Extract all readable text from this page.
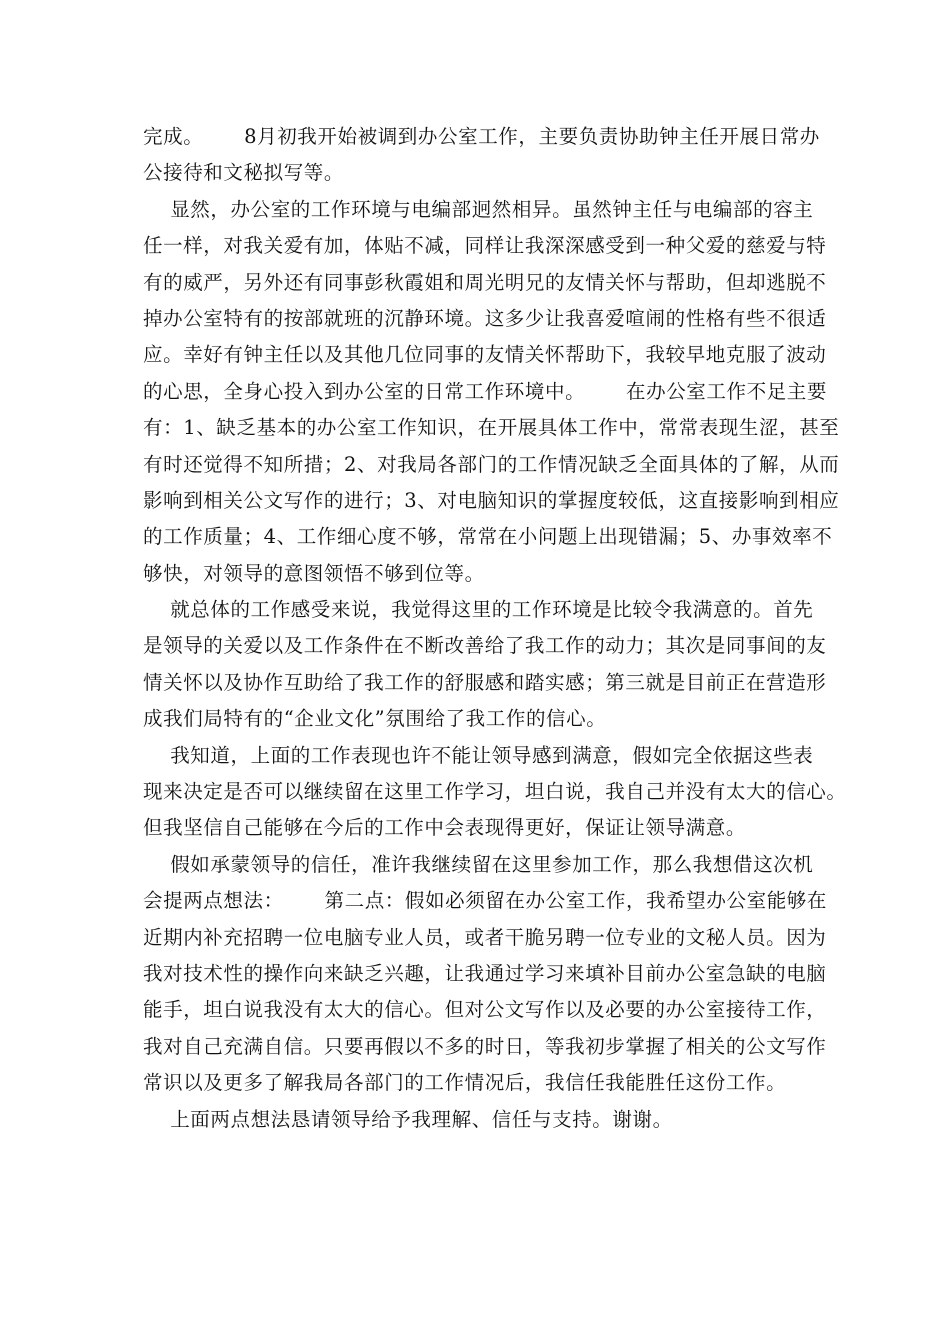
完成。      8月初我开始被调到办公室工作，主要负责协助钟主任开展日常办
公接待和文秘拟写等。
显然，办公室的工作环境与电编部迥然相异。虽然钟主任与电编部的容主
任一样，对我关爱有加，体贴不减，同样让我深深感受到一种父爱的慈爱与特
有的威严，另外还有同事彭秋霞姐和周光明兄的友情关怀与帮助，但却逃脱不
掉办公室特有的按部就班的沉静环境。这多少让我喜爱喧闹的性格有些不很适
应。幸好有钟主任以及其他几位同事的友情关怀帮助下，我较早地克服了波动
的心思，全身心投入到办公室的日常工作环境中。      在办公室工作不足主要
有：1、缺乏基本的办公室工作知识，在开展具体工作中，常常表现生涩，甚至
有时还觉得不知所措；2、对我局各部门的工作情况缺乏全面具体的了解，从而
影响到相关公文写作的进行；3、对电脑知识的掌握度较低，这直接影响到相应
的工作质量；4、工作细心度不够，常常在小问题上出现错漏；5、办事效率不
够快，对领导的意图领悟不够到位等。
就总体的工作感受来说，我觉得这里的工作环境是比较令我满意的。首先
是领导的关爱以及工作条件在不断改善给了我工作的动力；其次是同事间的友
情关怀以及协作互助给了我工作的舒服感和踏实感；第三就是目前正在营造形
成我们局特有的“企业文化”氛围给了我工作的信心。
我知道，上面的工作表现也许不能让领导感到满意，假如完全依据这些表
现来决定是否可以继续留在这里工作学习，坦白说，我自己并没有太大的信心。
但我坚信自己能够在今后的工作中会表现得更好，保证让领导满意。
假如承蒙领导的信任，准许我继续留在这里参加工作，那么我想借这次机
会提两点想法：      第二点：假如必须留在办公室工作，我希望办公室能够在
近期内补充招聘一位电脑专业人员，或者干脆另聘一位专业的文秘人员。因为
我对技术性的操作向来缺乏兴趣，让我通过学习来填补目前办公室急缺的电脑
能手，坦白说我没有太大的信心。但对公文写作以及必要的办公室接待工作，
我对自己充满自信。只要再假以不多的时日，等我初步掌握了相关的公文写作
常识以及更多了解我局各部门的工作情况后，我信任我能胜任这份工作。
上面两点想法恳请领导给予我理解、信任与支持。谢谢。
